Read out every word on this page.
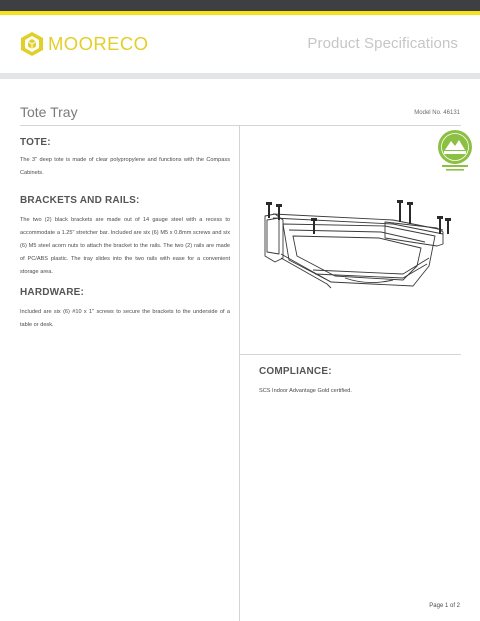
MOORECO	Product Specifications
Tote Tray	Model No. 46131
TOTE:
The 3" deep tote is made of clear polypropylene and functions with the Compass Cabinets.
BRACKETS AND RAILS:
The two (2) black brackets are made out of 14 gauge steel with a recess to accommodate a 1.25" stretcher bar. Included are six (6) M5 x 0.8mm screws and six (6) M5 steel acorn nuts to attach the bracket to the rails. The two (2) rails are made of PC/ABS plastic. The tray slides into the two rails with ease for a convenient storage area.
HARDWARE:
Included are six (6) #10 x 1" screws to secure the brackets to the underside of a table or desk.
COMPLIANCE:
SCS Indoor Advantage Gold certified.
Page 1 of 2
